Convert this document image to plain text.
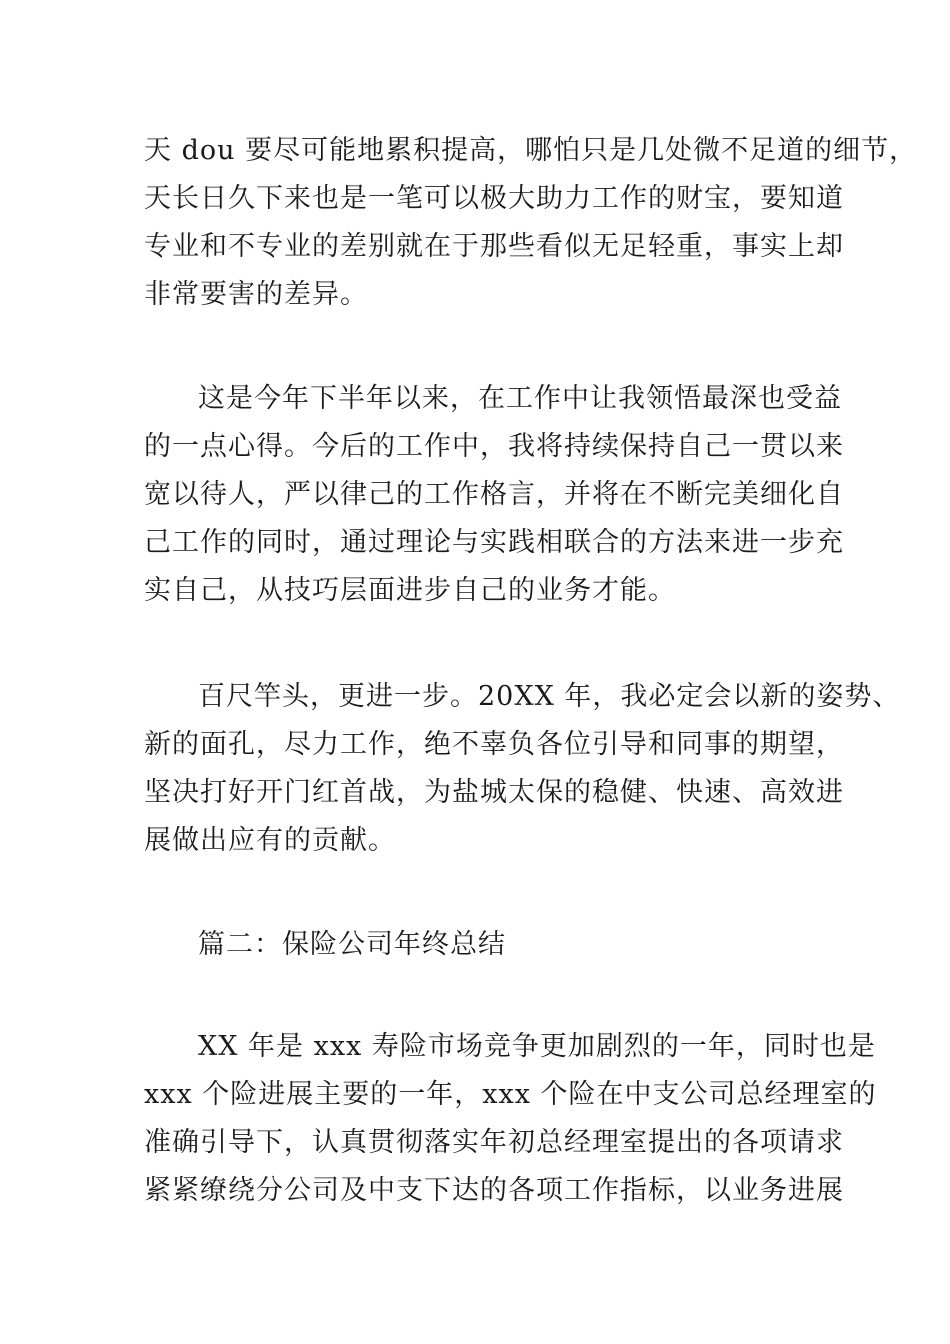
天 dou 要尽可能地累积提高，哪怕只是几处微不足道的细节，
天长日久下来也是一笔可以极大助力工作的财宝，要知道
专业和不专业的差别就在于那些看似无足轻重，事实上却
非常要害的差异。
这是今年下半年以来，在工作中让我领悟最深也受益
的一点心得。今后的工作中，我将持续保持自己一贯以来
宽以待人，严以律己的工作格言，并将在不断完美细化自
己工作的同时，通过理论与实践相联合的方法来进一步充
实自己，从技巧层面进步自己的业务才能。
百尺竿头，更进一步。20XX 年，我必定会以新的姿势、
新的面孔，尽力工作，绝不辜负各位引导和同事的期望，
坚决打好开门红首战，为盐城太保的稳健、快速、高效进
展做出应有的贡献。
篇二：保险公司年终总结
XX 年是 xxx 寿险市场竞争更加剧烈的一年，同时也是
xxx 个险进展主要的一年，xxx 个险在中支公司总经理室的
准确引导下，认真贯彻落实年初总经理室提出的各项请求
紧紧缭绕分公司及中支下达的各项工作指标，以业务进展
